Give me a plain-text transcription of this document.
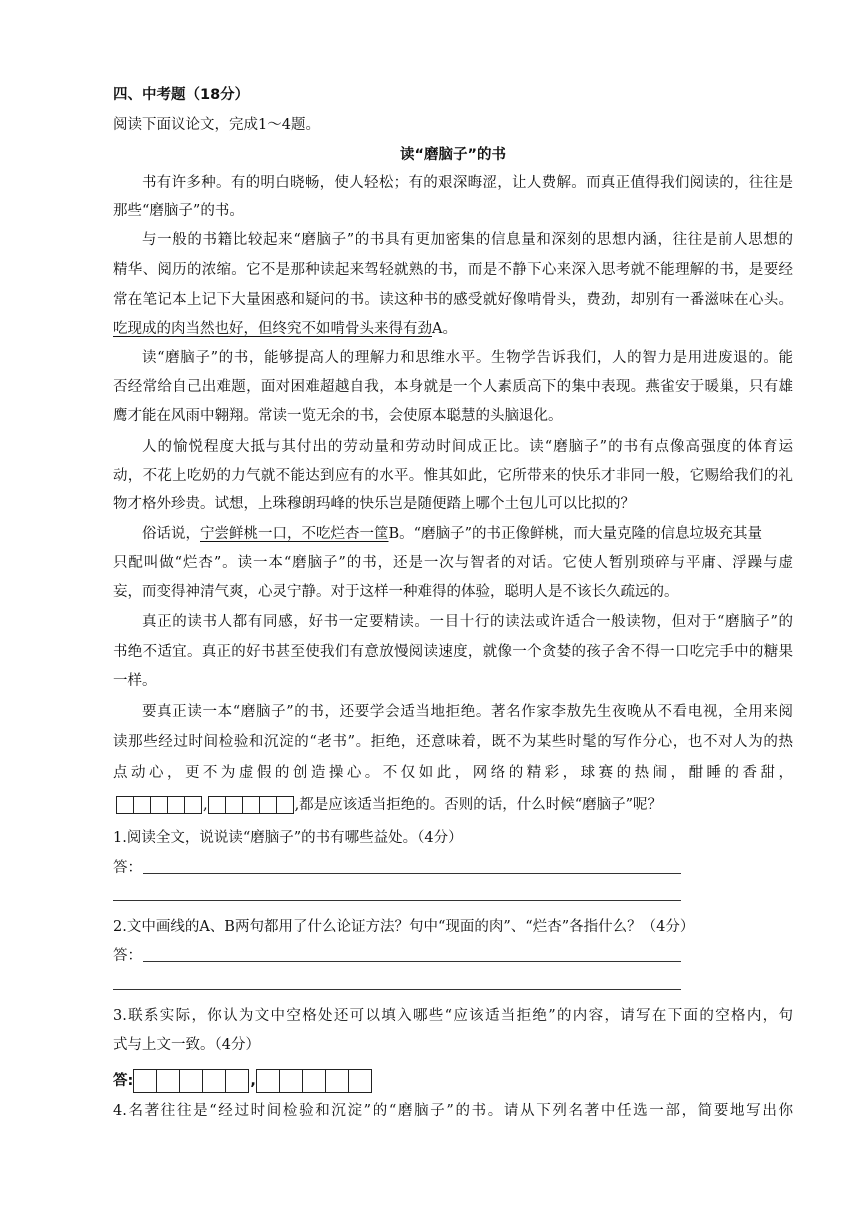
四、中考题（18分）
阅读下面议论文，完成1～4题。
读“磨脑子”的书
书有许多种。有的明白晓畅，使人轻松；有的艰深晦涩，让人费解。而真正值得我们阅读的，往往是
那些“磨脑子”的书。
与一般的书籍比较起来“磨脑子”的书具有更加密集的信息量和深刻的思想内涵，往往是前人思想的
精华、阅历的浓缩。它不是那种读起来驾轻就熟的书，而是不静下心来深入思考就不能理解的书，是要经
常在笔记本上记下大量困惑和疑问的书。读这种书的感受就好像啃骨头，费劲，却别有一番滋味在心头。
吃现成的肉当然也好，但终究不如啃骨头来得有劲A。
读“磨脑子”的书，能够提高人的理解力和思维水平。生物学告诉我们，人的智力是用进废退的。能
否经常给自己出难题，面对困难超越自我，本身就是一个人素质高下的集中表现。燕雀安于暖巢，只有雄
鹰才能在风雨中翱翔。常读一览无余的书，会使原本聪慧的头脑退化。
人的愉悦程度大抵与其付出的劳动量和劳动时间成正比。读“磨脑子”的书有点像高强度的体育运
动，不花上吃奶的力气就不能达到应有的水平。惟其如此，它所带来的快乐才非同一般，它赐给我们的礼
物才格外珍贵。试想，上珠穆朗玛峰的快乐岂是随便踏上哪个土包儿可以比拟的？
俗话说，宁尝鲜桃一口，不吃烂杏一筐B。“磨脑子”的书正像鲜桃，而大量克隆的信息垃圾充其量
只配叫做“烂杏”。读一本“磨脑子”的书，还是一次与智者的对话。它使人暂别琐碎与平庸、浮躁与虚
妄，而变得神清气爽，心灵宁静。对于这样一种难得的体验，聪明人是不该长久疏远的。
真正的读书人都有同感，好书一定要精读。一目十行的读法或许适合一般读物，但对于“磨脑子”的
书绝不适宜。真正的好书甚至使我们有意放慢阅读速度，就像一个贪婪的孩子舍不得一口吃完手中的糖果
一样。
要真正读一本“磨脑子”的书，还要学会适当地拒绝。著名作家李敖先生夜晚从不看电视，全用来阅
读那些经过时间检验和沉淀的“老书”。拒绝，还意味着，既不为某些时髦的写作分心，也不对人为的热
点动心，更不为虚假的创造操心。不仅如此，网络的精彩，球赛的热闹，酣睡的香甜，
,	,都是应该适当拒绝的。否则的话，什么时候“磨脑子”呢？
1.阅读全文，说说读“磨脑子”的书有哪些益处。（4分）
答：
2.文中画线的A、B两句都用了什么论证方法？句中“现面的肉”、“烂杏”各指什么？（4分）
答：
3.联系实际，你认为文中空格处还可以填入哪些“应该适当拒绝”的内容，请写在下面的空格内，句
式与上文一致。（4分）
答:	,
4.名著往往是“经过时间检验和沉淀”的“磨脑子”的书。请从下列名著中任选一部，简要地写出你
